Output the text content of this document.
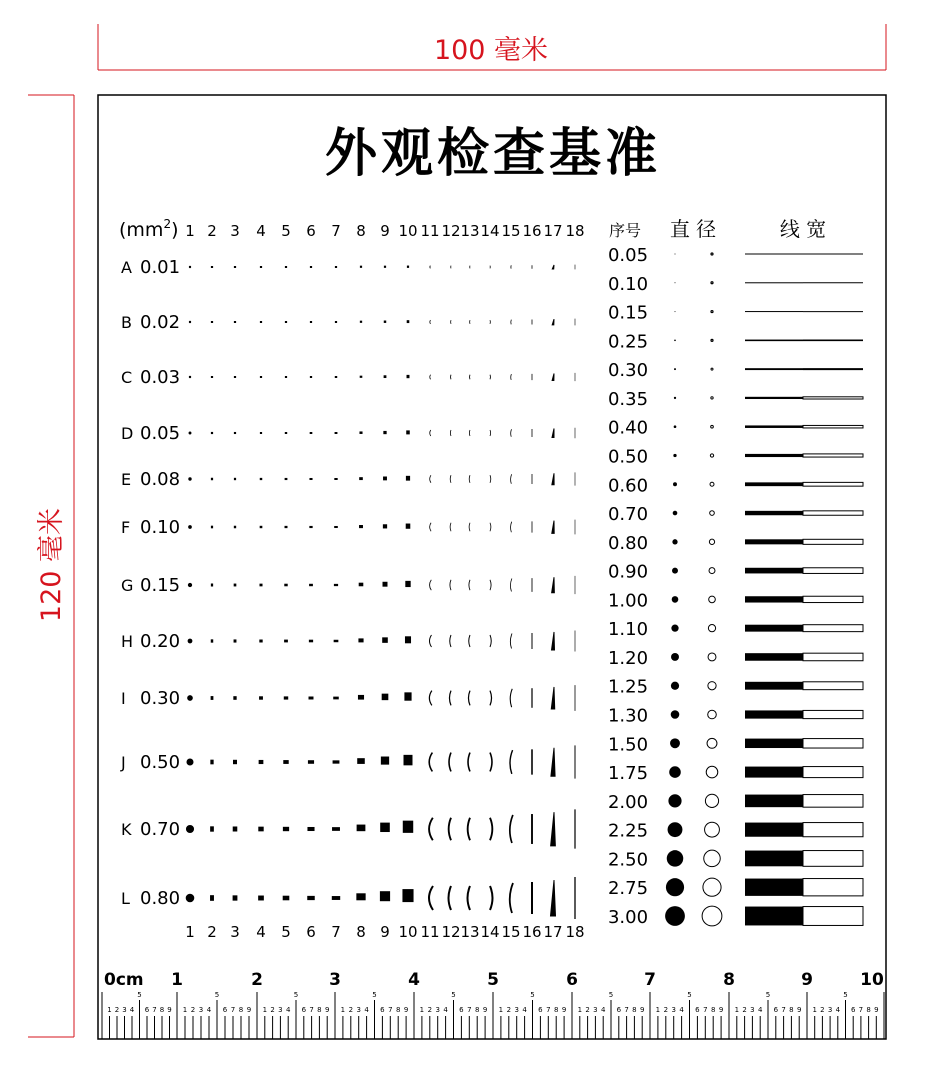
100 毫米
120 毫米
外观检查基准
$(mm^2)$ 1 2 3 4 5 6 7 8 9 10 11 12 13 14 15 16 17 18
1 2 3 4 5 6 7 8 9 10 11 12 13 14 15 16 17 18
A 0.01
B 0.02
C 0.03
D 0.05
E 0.08
F 0.10
G 0.15
H 0.20
I 0.30
J 0.50
K 0.70
L 0.80
序号 直 径	线 宽
0.05
0.10
0.15
0.25
0.30
0.35
0.40
0.50
0.60
0.70
0.80
0.90
1.00
1.10
1.20
1.25
1.30
1.50
1.75
2.00
2.25
2.50
2.75
3.00
0cm 1	2	3	4	5	6	7	8	9	10
5
1 2 3 4 6 7 8 9
5
1 2 3 4 6 7 8 9
5
1 2 3 4 6 7 8 9
5
1 2 3 4 6 7 8 9
5
1 2 3 4 6 7 8 9
5
1 2 3 4 6 7 8 9
5
1 2 3 4 6 7 8 9
5
1 2 3 4 6 7 8 9
5
1 2 3 4 6 7 8 9
5
1 2 3 4 6 7 8 9
